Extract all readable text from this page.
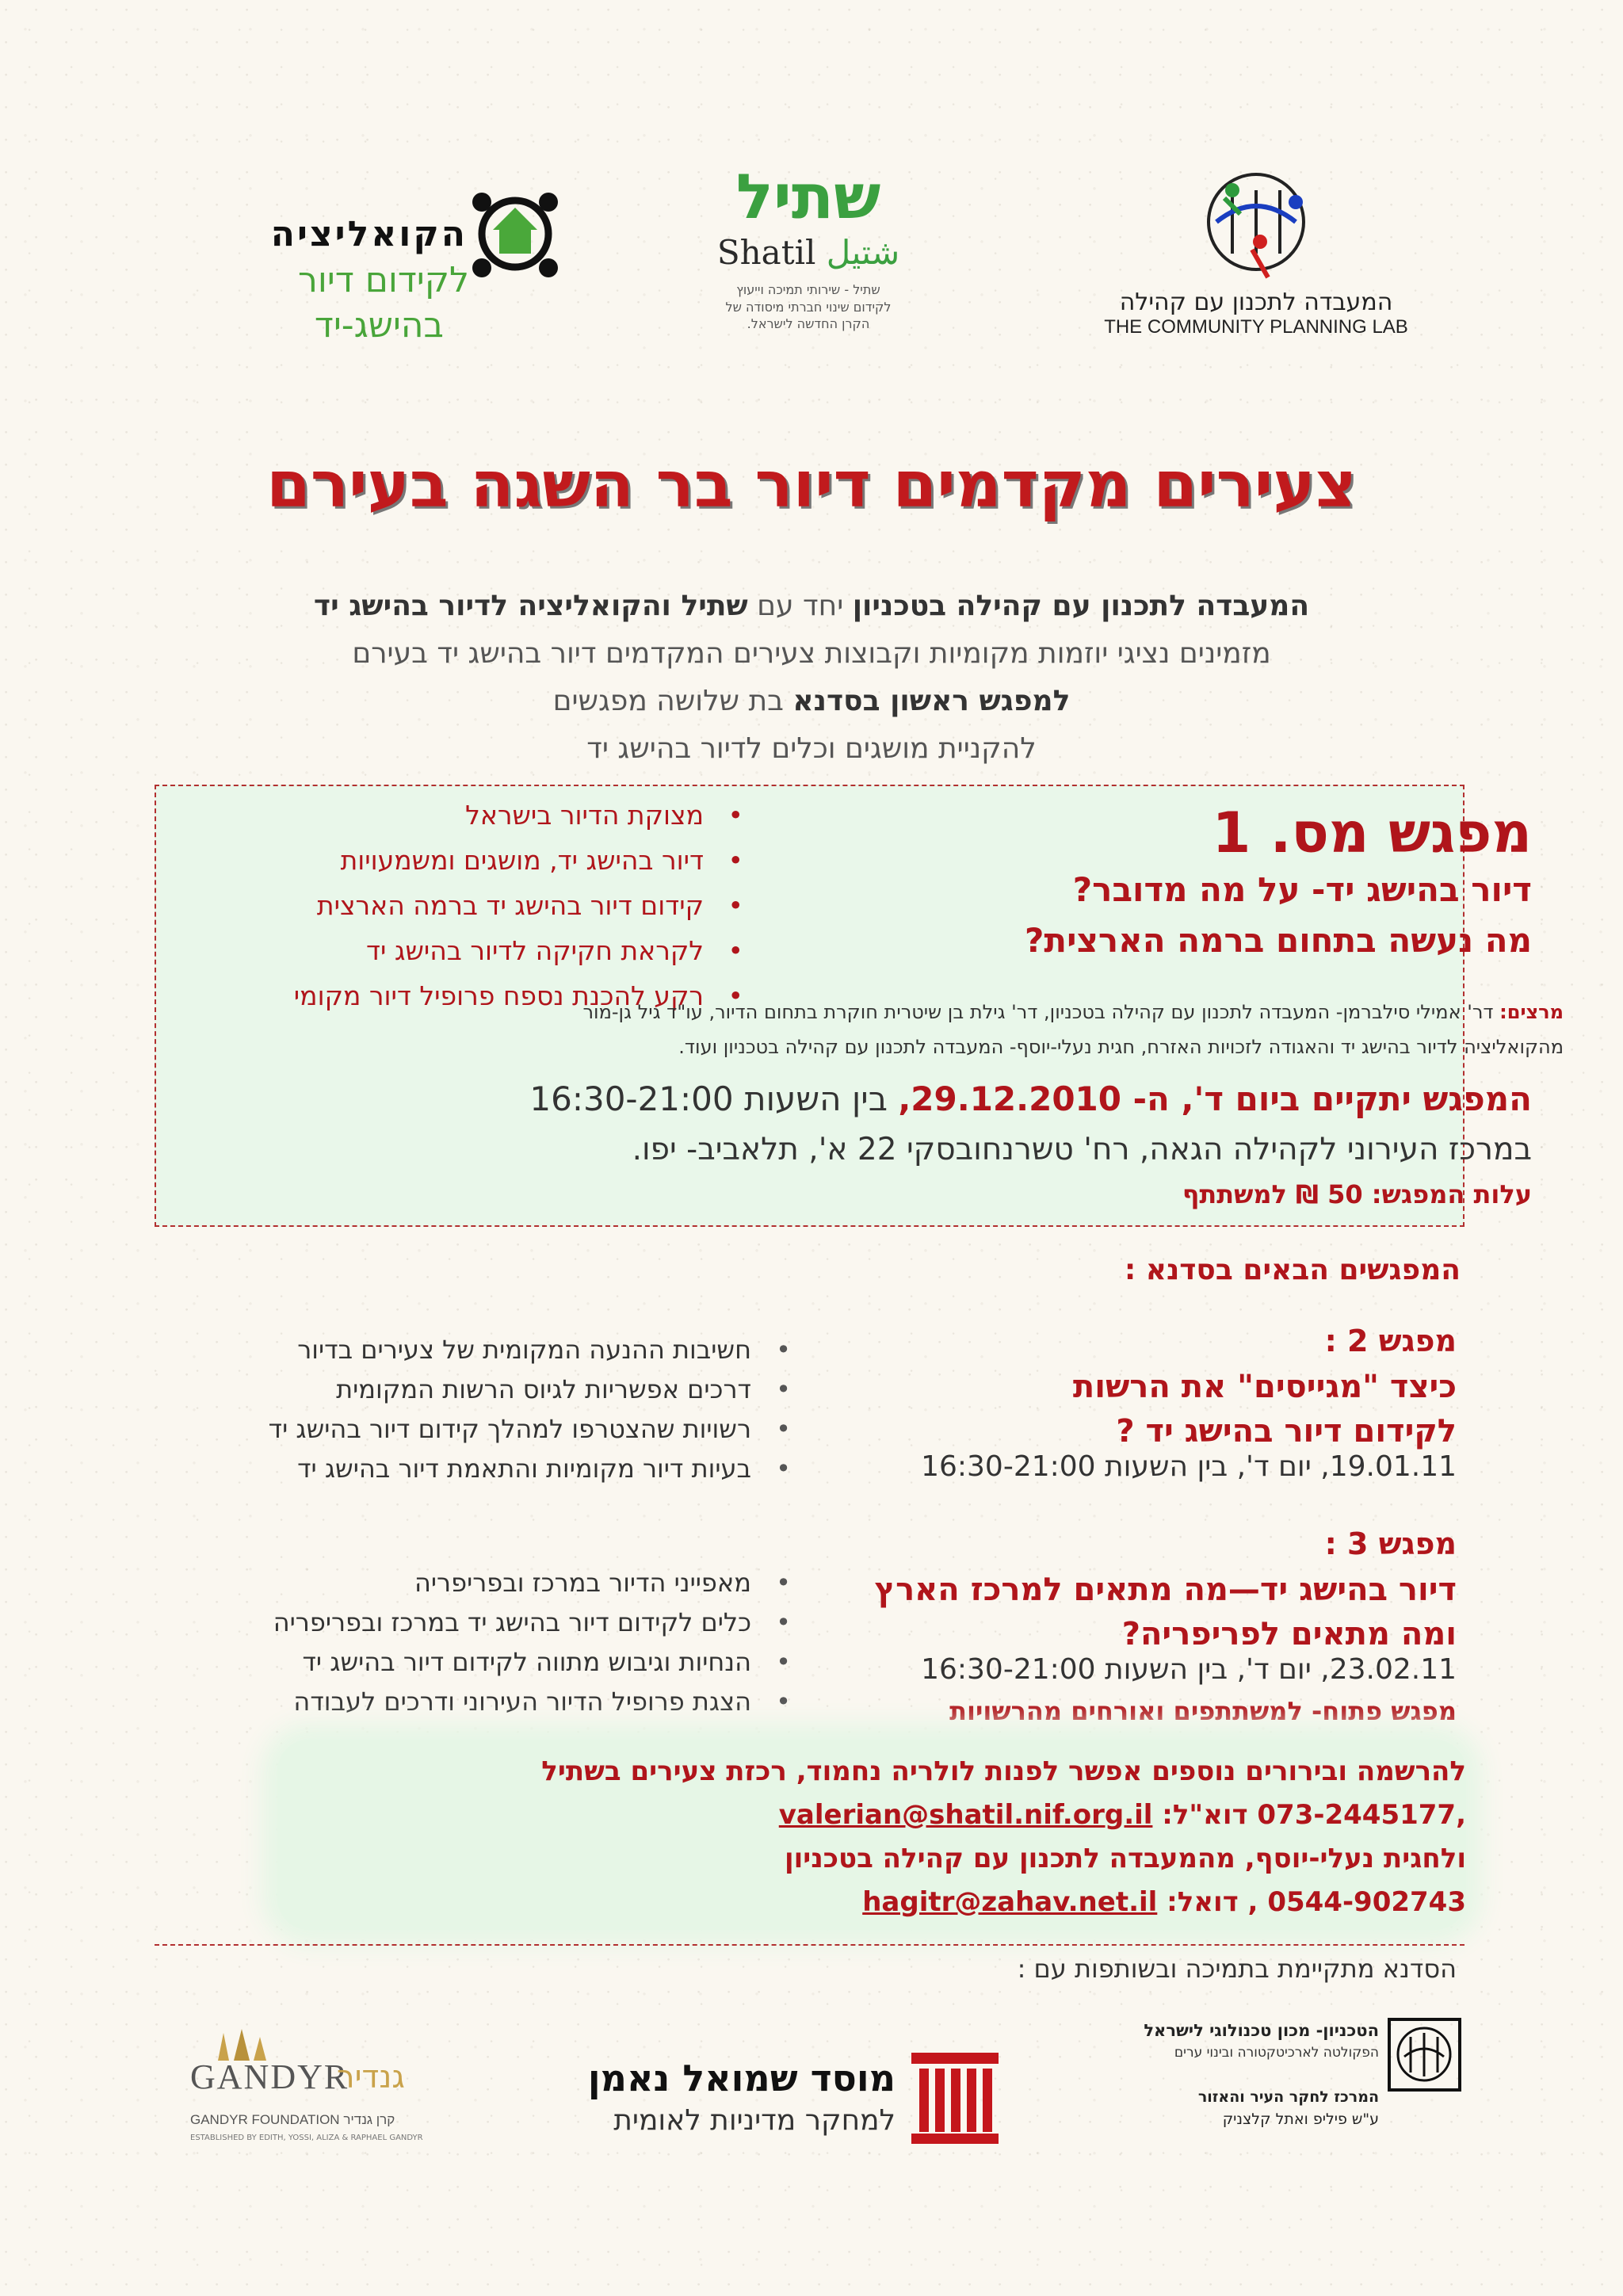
הקואליציה
לקידום דיור
בהישג-יד
שתיל
Shatil شتيل
שתיל - שירותי תמיכה וייעוץ
לקידום שינוי חברתי מיסודה של
הקרן החדשה לישראל.
המעבדה לתכנון עם קהילה
THE COMMUNITY PLANNING LAB
צעירים מקדמים דיור בר השגה בעירם
המעבדה לתכנון עם קהילה בטכניון יחד עם שתיל והקואליציה לדיור בהישג יד
מזמינים נציגי יוזמות מקומיות וקבוצות צעירים המקדמים דיור בהישג יד בעירם
למפגש ראשון בסדנא בת שלושה מפגשים
להקניית מושגים וכלים לדיור בהישג יד
מפגש מס. 1
דיור בהישג יד- על מה מדובר?
מה נעשה בתחום ברמה הארצית?
• מצוקת הדיור בישראל
• דיור בהישג יד, מושגים ומשמעויות
• קידום דיור בהישג יד ברמה הארצית
• לקראת חקיקה לדיור בהישג יד
• רקע להכנת נספח פרופיל דיור מקומי
מרצים: דר' אמילי סילברמן- המעבדה לתכנון עם קהילה בטכניון, דר' גילת בן שיטרית חוקרת בתחום הדיור, עו"ד גיל גן-מור
מהקואליציה לדיור בהישג יד והאגודה לזכויות האזרח, חגית נעלי-יוסף- המעבדה לתכנון עם קהילה בטכניון ועוד.
המפגש יתקיים ביום ד', ה- 29.12.2010, בין השעות 16:30-21:00
במרכז העירוני לקהילה הגאה, רח' טשרנחובסקי 22 א', תלאביב- יפו.
עלות המפגש: 50 ₪ למשתתף
המפגשים הבאים בסדנא :
מפגש 2 :
כיצד "מגייסים" את הרשות
לקידום דיור בהישג יד ?
19.01.11, יום ד', בין השעות 16:30-21:00
• חשיבות ההנעה המקומית של צעירים בדיור
• דרכים אפשריות לגיוס הרשות המקומית
• רשויות שהצטרפו למהלך קידום דיור בהישג יד
• בעיות דיור מקומיות והתאמת דיור בהישג יד
מפגש 3 :
דיור בהישג יד—מה מתאים למרכז הארץ
ומה מתאים לפריפריה?
23.02.11, יום ד', בין השעות 16:30-21:00
מפגש פתוח- למשתתפים ואורחים מהרשויות
• מאפייני הדיור במרכז ובפריפריה
• כלים לקידום דיור בהישג יד במרכז ובפריפריה
• הנחיות וגיבוש מתווה לקידום דיור בהישג יד
• הצגת פרופיל הדיור העירוני ודרכים לעבודה
להרשמה ובירורים נוספים אפשר לפנות לולריה נחמוד, רכזת צעירים בשתיל
073-2445177, דוא"ל: valerian@shatil.nif.org.il
ולחגית נעלי-יוסף, מהמעבדה לתכנון עם קהילה בטכניון
0544-902743 , דואל: hagitr@zahav.net.il
הסדנא מתקיימת בתמיכה ובשותפות עם :
GANDYR
גנדיר
GANDYR FOUNDATION קרן גנדיר
ESTABLISHED BY EDITH, YOSSI, ALIZA & RAPHAEL GANDYR
מוסד שמואל נאמן
למחקר מדיניות לאומית
הטכניון- מכון טכנולוגי לישראל
הפקולטה לארכיטקטורה ובינוי ערים
המרכז לחקר העיר והאזור
ע"ש פיליפ ואתל קלצניק
